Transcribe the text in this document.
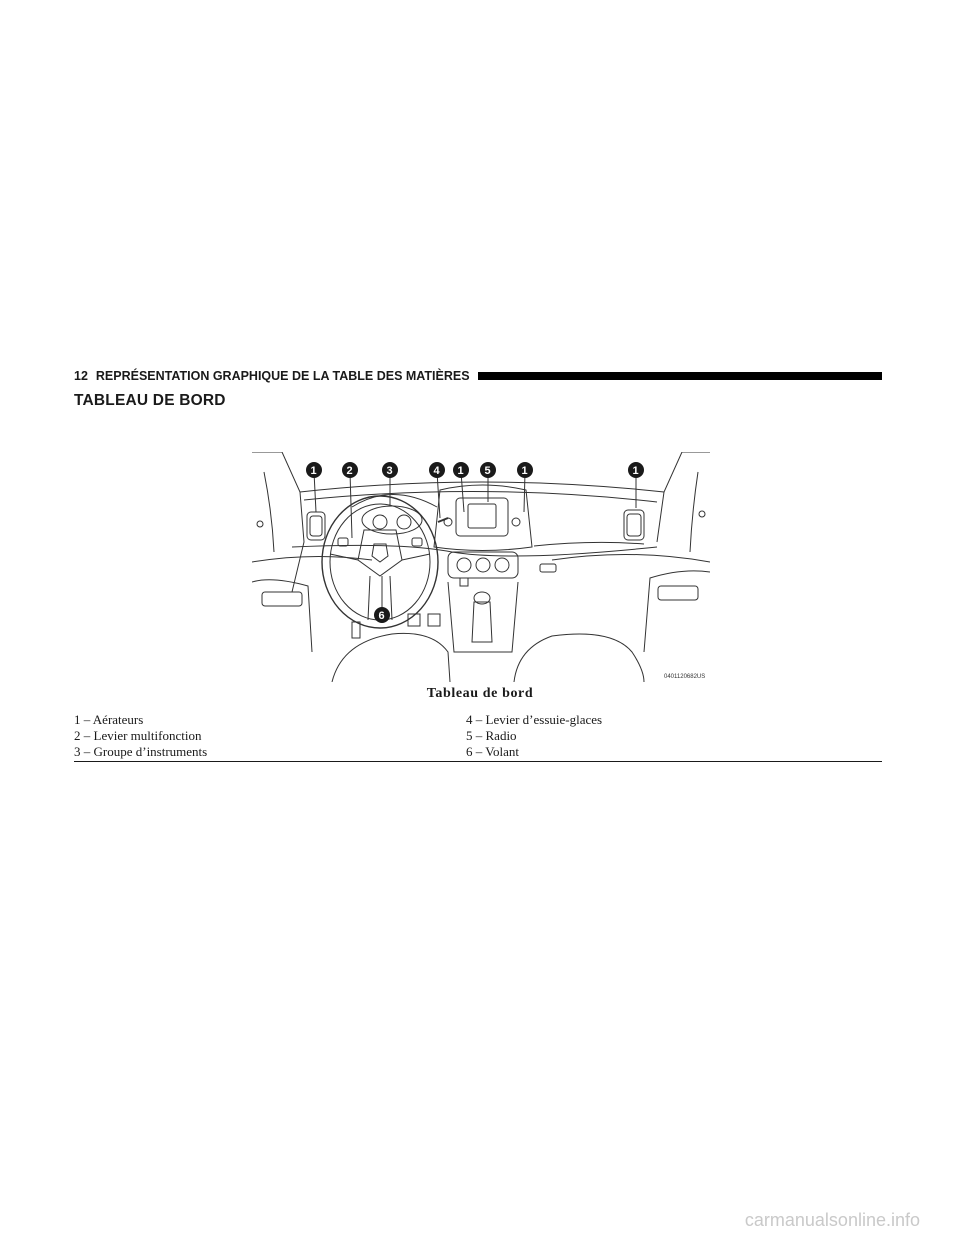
12 REPRÉSENTATION GRAPHIQUE DE LA TABLE DES MATIÈRES
TABLEAU DE BORD
1	2	3	4 1 5	1	1
6
0401120682US
Tableau de bord
1 – Aérateurs
2 – Levier multifonction
3 – Groupe d’instruments
4 – Levier d’essuie-glaces
5 – Radio
6 – Volant
carmanualsonline.info
